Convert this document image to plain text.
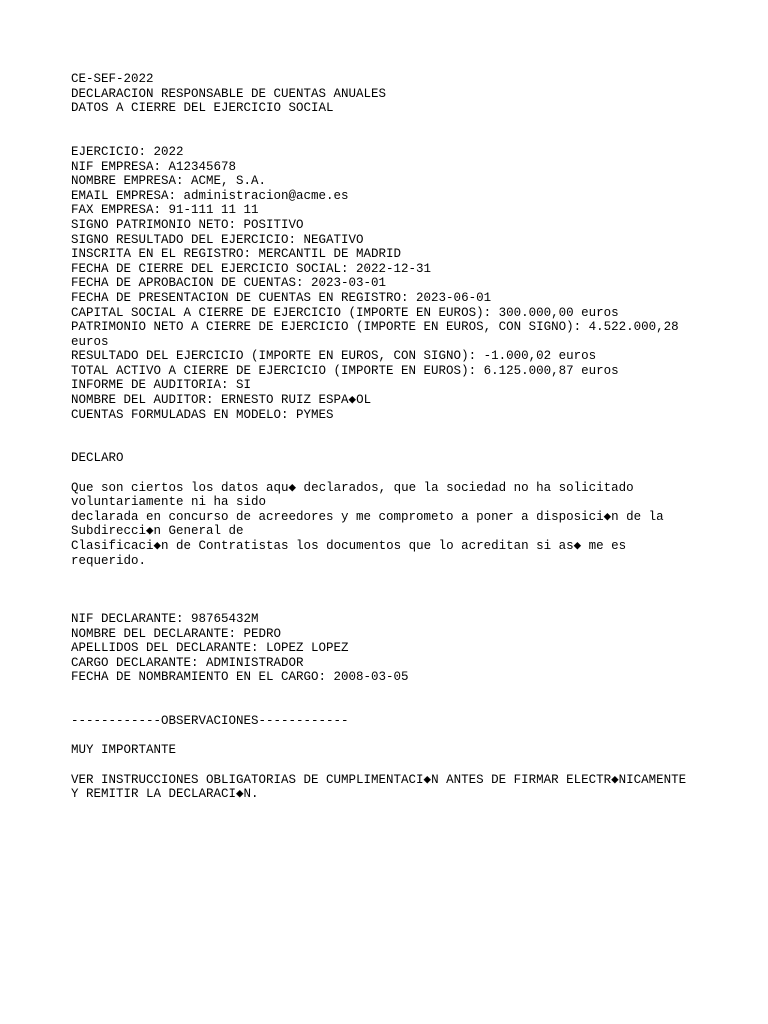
CE-SEF-2022
DECLARACION RESPONSABLE DE CUENTAS ANUALES
DATOS A CIERRE DEL EJERCICIO SOCIAL
EJERCICIO: 2022
NIF EMPRESA: A12345678
NOMBRE EMPRESA: ACME, S.A.
EMAIL EMPRESA: administracion@acme.es
FAX EMPRESA: 91-111 11 11
SIGNO PATRIMONIO NETO: POSITIVO
SIGNO RESULTADO DEL EJERCICIO: NEGATIVO
INSCRITA EN EL REGISTRO: MERCANTIL DE MADRID
FECHA DE CIERRE DEL EJERCICIO SOCIAL: 2022-12-31
FECHA DE APROBACION DE CUENTAS: 2023-03-01
FECHA DE PRESENTACION DE CUENTAS EN REGISTRO: 2023-06-01
CAPITAL SOCIAL A CIERRE DE EJERCICIO (IMPORTE EN EUROS): 300.000,00 euros
PATRIMONIO NETO A CIERRE DE EJERCICIO (IMPORTE EN EUROS, CON SIGNO): 4.522.000,28
euros
RESULTADO DEL EJERCICIO (IMPORTE EN EUROS, CON SIGNO): -1.000,02 euros
TOTAL ACTIVO A CIERRE DE EJERCICIO (IMPORTE EN EUROS): 6.125.000,87 euros
INFORME DE AUDITORIA: SI
NOMBRE DEL AUDITOR: ERNESTO RUIZ ESPA◆OL
CUENTAS FORMULADAS EN MODELO: PYMES
DECLARO
Que son ciertos los datos aqu◆ declarados, que la sociedad no ha solicitado
voluntariamente ni ha sido
declarada en concurso de acreedores y me comprometo a poner a disposici◆n de la
Subdirecci◆n General de
Clasificaci◆n de Contratistas los documentos que lo acreditan si as◆ me es
requerido.
NIF DECLARANTE: 98765432M
NOMBRE DEL DECLARANTE: PEDRO
APELLIDOS DEL DECLARANTE: LOPEZ LOPEZ
CARGO DECLARANTE: ADMINISTRADOR
FECHA DE NOMBRAMIENTO EN EL CARGO: 2008-03-05
------------OBSERVACIONES------------
MUY IMPORTANTE
VER INSTRUCCIONES OBLIGATORIAS DE CUMPLIMENTACI◆N ANTES DE FIRMAR ELECTR◆NICAMENTE
Y REMITIR LA DECLARACI◆N.
